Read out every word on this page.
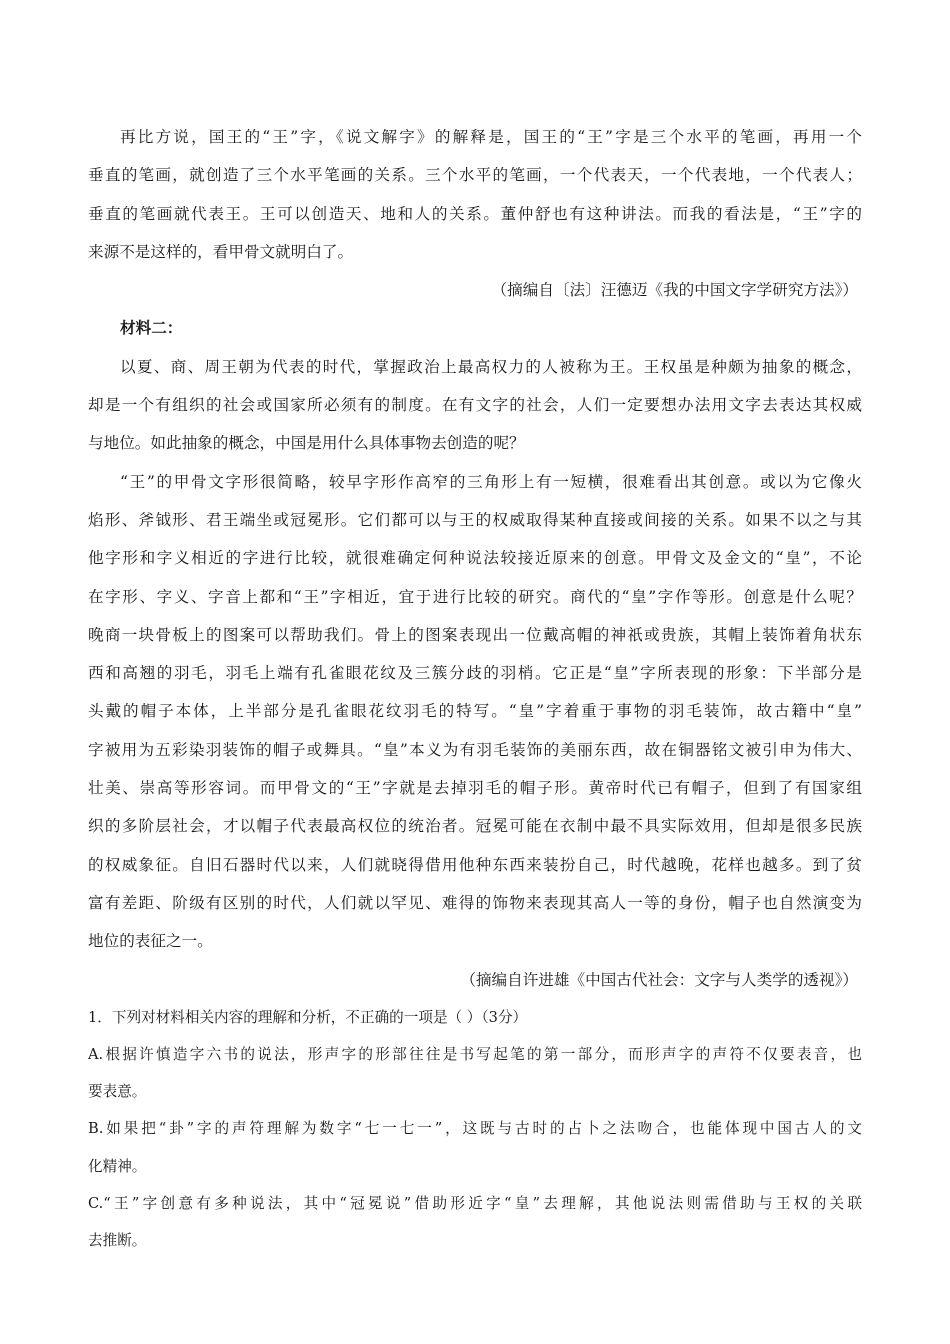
再比方说，国王的“王”字，《说文解字》的解释是，国王的“王”字是三个水平的笔画，再用一个
垂直的笔画，就创造了三个水平笔画的关系。三个水平的笔画，一个代表天，一个代表地，一个代表人；
垂直的笔画就代表王。王可以创造天、地和人的关系。董仲舒也有这种讲法。而我的看法是，“王”字的
来源不是这样的，看甲骨文就明白了。
（摘编自〔法〕汪德迈《我的中国文字学研究方法》）
材料二：
以夏、商、周王朝为代表的时代，掌握政治上最高权力的人被称为王。王权虽是种颇为抽象的概念，
却是一个有组织的社会或国家所必须有的制度。在有文字的社会，人们一定要想办法用文字去表达其权威
与地位。如此抽象的概念，中国是用什么具体事物去创造的呢？
“王”的甲骨文字形很简略，较早字形作高窄的三角形上有一短横，很难看出其创意。或以为它像火
焰形、斧钺形、君王端坐或冠冕形。它们都可以与王的权威取得某种直接或间接的关系。如果不以之与其
他字形和字义相近的字进行比较，就很难确定何种说法较接近原来的创意。甲骨文及金文的“皇”，不论
在字形、字义、字音上都和“王”字相近，宜于进行比较的研究。商代的“皇”字作等形。创意是什么呢？
晚商一块骨板上的图案可以帮助我们。骨上的图案表现出一位戴高帽的神祇或贵族，其帽上装饰着角状东
西和高翘的羽毛，羽毛上端有孔雀眼花纹及三簇分歧的羽梢。它正是“皇”字所表现的形象：下半部分是
头戴的帽子本体，上半部分是孔雀眼花纹羽毛的特写。“皇”字着重于事物的羽毛装饰，故古籍中“皇”
字被用为五彩染羽装饰的帽子或舞具。“皇”本义为有羽毛装饰的美丽东西，故在铜器铭文被引申为伟大、
壮美、崇高等形容词。而甲骨文的“王”字就是去掉羽毛的帽子形。黄帝时代已有帽子，但到了有国家组
织的多阶层社会，才以帽子代表最高权位的统治者。冠冕可能在衣制中最不具实际效用，但却是很多民族
的权威象征。自旧石器时代以来，人们就晓得借用他种东西来装扮自己，时代越晚，花样也越多。到了贫
富有差距、阶级有区别的时代，人们就以罕见、难得的饰物来表现其高人一等的身份，帽子也自然演变为
地位的表征之一。
（摘编自许进雄《中国古代社会：文字与人类学的透视》）
1．下列对材料相关内容的理解和分析，不正确的一项是（ ）（3分）
A.根据许慎造字六书的说法，形声字的形部往往是书写起笔的第一部分，而形声字的声符不仅要表音，也
要表意。
B.如果把“卦”字的声符理解为数字“七一七一”，这既与古时的占卜之法吻合，也能体现中国古人的文
化精神。
C.“王”字创意有多种说法，其中“冠冕说”借助形近字“皇”去理解，其他说法则需借助与王权的关联
去推断。
